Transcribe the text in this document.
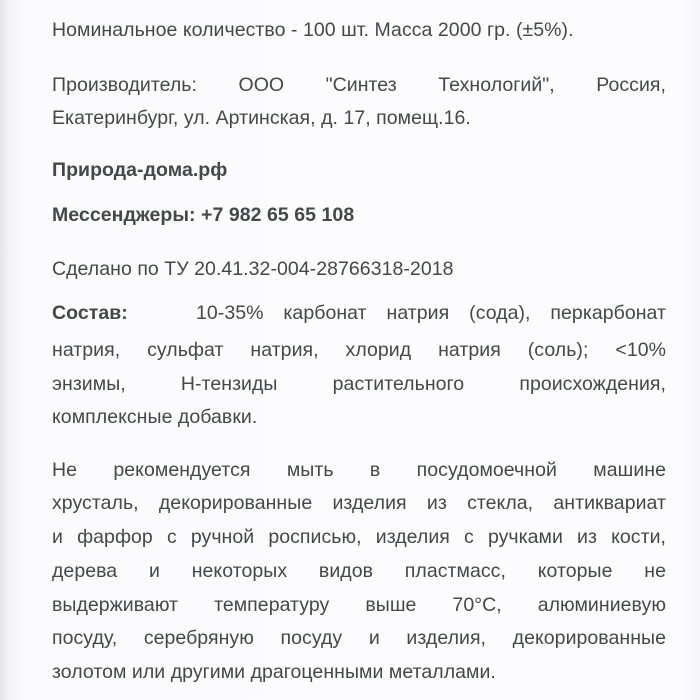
Номинальное количество - 100 шт. Масса 2000 гр. (±5%).
Производитель: ООО "Синтез Технологий", Россия,
Екатеринбург, ул. Артинская, д. 17, помещ.16.
Природа-дома.рф
Мессенджеры: +7 982 65 65 108
Сделано по ТУ 20.41.32-004-28766318-2018
Состав:	10-35% карбонат натрия (сода), перкарбонат
натрия, сульфат натрия, хлорид натрия (соль); <10%
энзимы, Н-тензиды растительного происхождения,
комплексные добавки.
Не рекомендуется мыть в посудомоечной машине
хрусталь, декорированные изделия из стекла, антиквариат
и фарфор с ручной росписью, изделия с ручками из кости,
дерева и некоторых видов пластмасс, которые не
выдерживают температуру выше 70°С, алюминиевую
посуду, серебряную посуду и изделия, декорированные
золотом или другими драгоценными металлами.
